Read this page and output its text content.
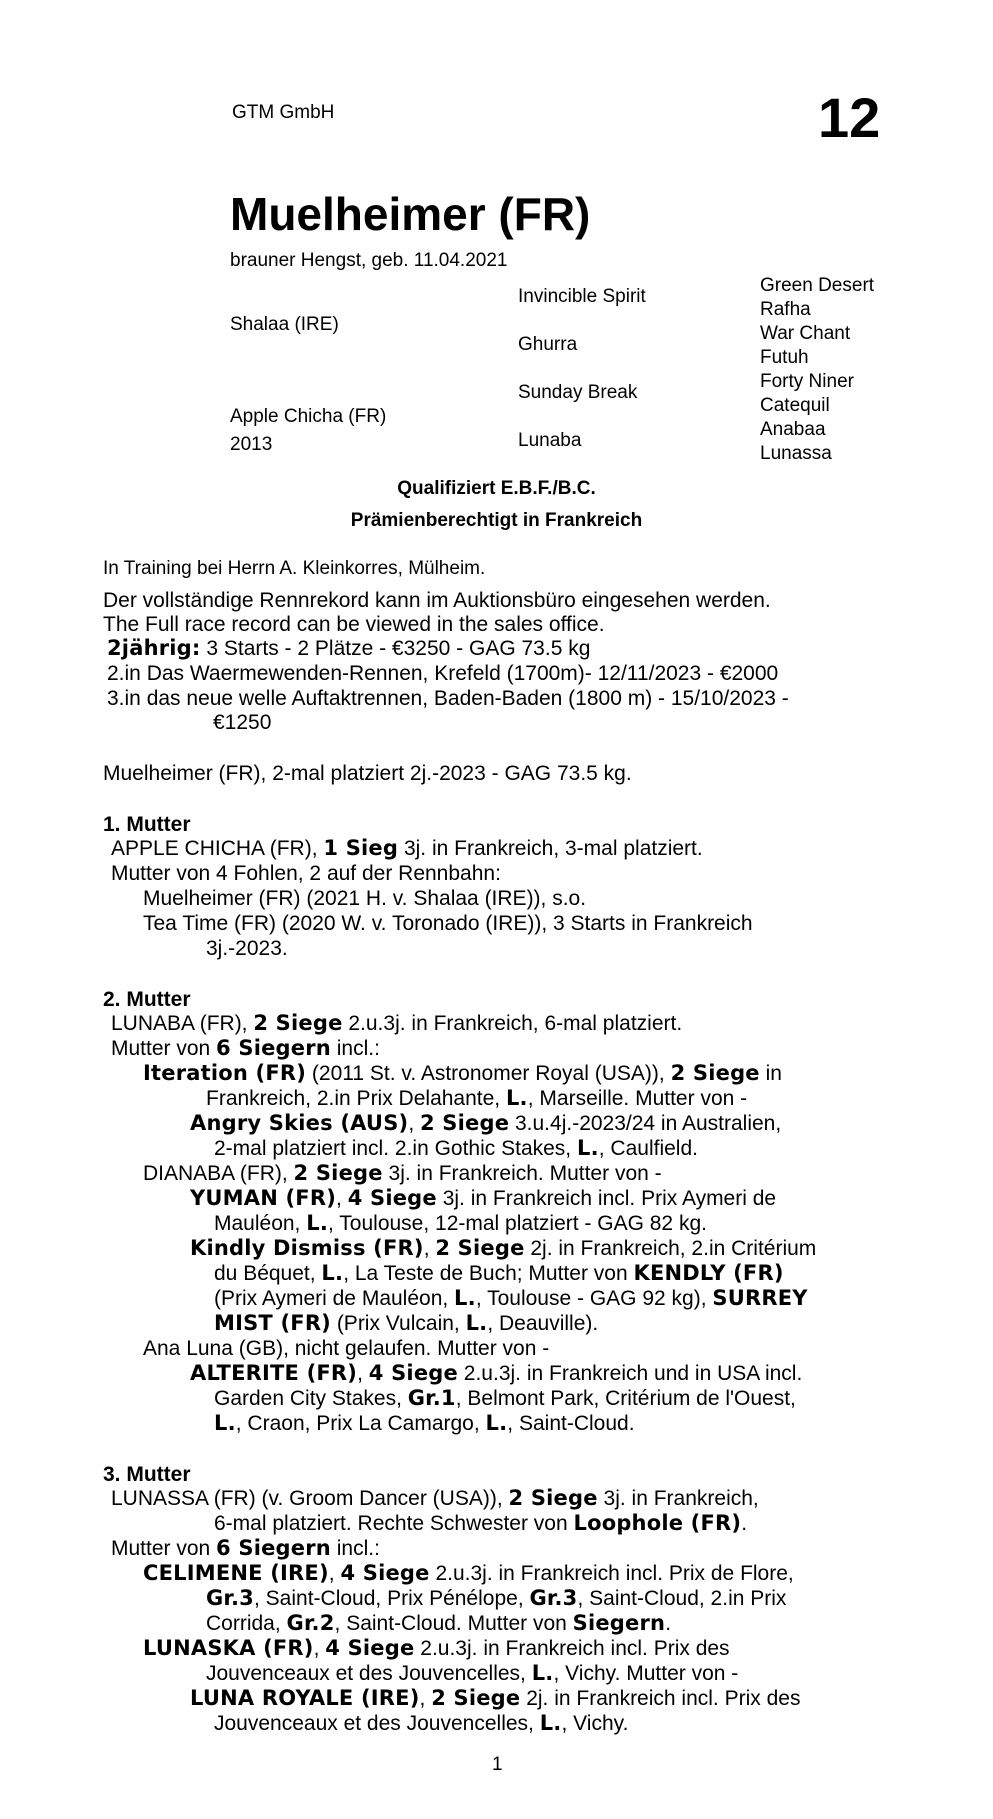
GTM GmbH	12
Muelheimer (FR)
brauner Hengst, geb. 11.04.2021
Shalaa (IRE)
Apple Chicha (FR)
2013
Invincible Spirit
Ghurra
Sunday Break
Lunaba
Green Desert
Rafha
War Chant
Futuh
Forty Niner
Catequil
Anabaa
Lunassa
Qualifiziert E.B.F./B.C.
Prämienberechtigt in Frankreich
In Training bei Herrn A. Kleinkorres, Mülheim.
Der vollständige Rennrekord kann im Auktionsbüro eingesehen werden.
The Full race record can be viewed in the sales office.
2jährig: 3 Starts - 2 Plätze - €3250 - GAG 73.5 kg
2.in Das Waermewenden-Rennen, Krefeld (1700m)- 12/11/2023 - €2000
3.in das neue welle Auftaktrennen, Baden-Baden (1800 m) - 15/10/2023 -
€1250
Muelheimer (FR), 2-mal platziert 2j.-2023 - GAG 73.5 kg.
1. Mutter
APPLE CHICHA (FR), 1 Sieg 3j. in Frankreich, 3-mal platziert.
Mutter von 4 Fohlen, 2 auf der Rennbahn:
Muelheimer (FR) (2021 H. v. Shalaa (IRE)), s.o.
Tea Time (FR) (2020 W. v. Toronado (IRE)), 3 Starts in Frankreich
3j.-2023.
2. Mutter
LUNABA (FR), 2 Siege 2.u.3j. in Frankreich, 6-mal platziert.
Mutter von 6 Siegern incl.:
Iteration (FR) (2011 St. v. Astronomer Royal (USA)), 2 Siege in
Frankreich, 2.in Prix Delahante, L., Marseille. Mutter von -
Angry Skies (AUS), 2 Siege 3.u.4j.-2023/24 in Australien,
2-mal platziert incl. 2.in Gothic Stakes, L., Caulfield.
DIANABA (FR), 2 Siege 3j. in Frankreich. Mutter von -
YUMAN (FR), 4 Siege 3j. in Frankreich incl. Prix Aymeri de
Mauléon, L., Toulouse, 12-mal platziert - GAG 82 kg.
Kindly Dismiss (FR), 2 Siege 2j. in Frankreich, 2.in Critérium
du Béquet, L., La Teste de Buch; Mutter von KENDLY (FR)
(Prix Aymeri de Mauléon, L., Toulouse - GAG 92 kg), SURREY
MIST (FR) (Prix Vulcain, L., Deauville).
Ana Luna (GB), nicht gelaufen. Mutter von -
ALTERITE (FR), 4 Siege 2.u.3j. in Frankreich und in USA incl.
Garden City Stakes, Gr.1, Belmont Park, Critérium de l'Ouest,
L., Craon, Prix La Camargo, L., Saint-Cloud.
3. Mutter
LUNASSA (FR) (v. Groom Dancer (USA)), 2 Siege 3j. in Frankreich,
6-mal platziert. Rechte Schwester von Loophole (FR).
Mutter von 6 Siegern incl.:
CELIMENE (IRE), 4 Siege 2.u.3j. in Frankreich incl. Prix de Flore,
Gr.3, Saint-Cloud, Prix Pénélope, Gr.3, Saint-Cloud, 2.in Prix
Corrida, Gr.2, Saint-Cloud. Mutter von Siegern.
LUNASKA (FR), 4 Siege 2.u.3j. in Frankreich incl. Prix des
Jouvenceaux et des Jouvencelles, L., Vichy. Mutter von -
LUNA ROYALE (IRE), 2 Siege 2j. in Frankreich incl. Prix des
Jouvenceaux et des Jouvencelles, L., Vichy.
1
